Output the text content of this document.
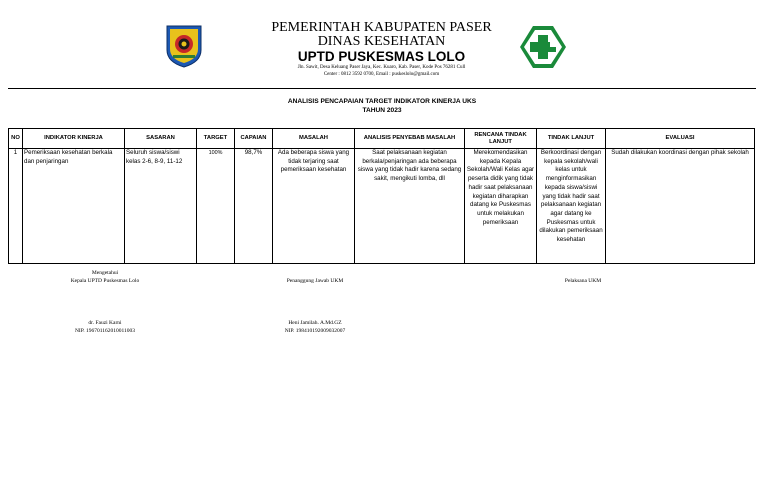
PEMERINTAH KABUPATEN PASER
DINAS KESEHATAN
UPTD PUSKESMAS LOLO
Jln. Sawit, Desa Keluang Paser Jaya, Kec. Kuaro, Kab. Paser, Kode Pos 76281 Cull
Center : 0812 3592 0700, Email : puskeslolo@gmail.com
ANALISIS PENCAPAIAN TARGET INDIKATOR KINERJA UKS
TAHUN 2023
NO	INDIKATOR KINERJA	SASARAN	TARGET	CAPAIAN	MASALAH	ANALISIS PENYEBAB MASALAH	RENCANA TINDAK LANJUT	TINDAK LANJUT	EVALUASI
1	Pemeriksaan kesehatan berkala dan penjaringan	Seluruh siswa/siswi kelas 2-6, 8-9, 11-12	100%	98,7%	Ada beberapa siswa yang tidak terjaring saat pemeriksaan kesehatan	Saat pelaksanaan kegiatan berkala/penjaringan ada beberapa siswa yang tidak hadir karena sedang sakit, mengikuti lomba, dll	Merekomendasikan kepada Kepala Sekolah/Wali Kelas agar peserta didik yang tidak hadir saat pelaksanaan kegiatan diharapkan datang ke Puskesmas untuk melakukan pemeriksaan	Berkoordinasi dengan kepala sekolah/wali kelas untuk menginformasikan kepada siswa/siswi yang tidak hadir saat pelaksanaan kegiatan agar datang ke Puskesmas untuk dilakukan pemeriksaan kesehatan	Sudah dilakukan koordinasi dengan pihak sekolah
Mengetahui
Kepala UPTD Puskesmas Lolo	Penanggung Jawab UKM	Pelaksana UKM
dr. Fauzi Karni
NIP. 196701162010011003
Heni Jamilah. A.Md.GZ
NIP. 198410192009032007
